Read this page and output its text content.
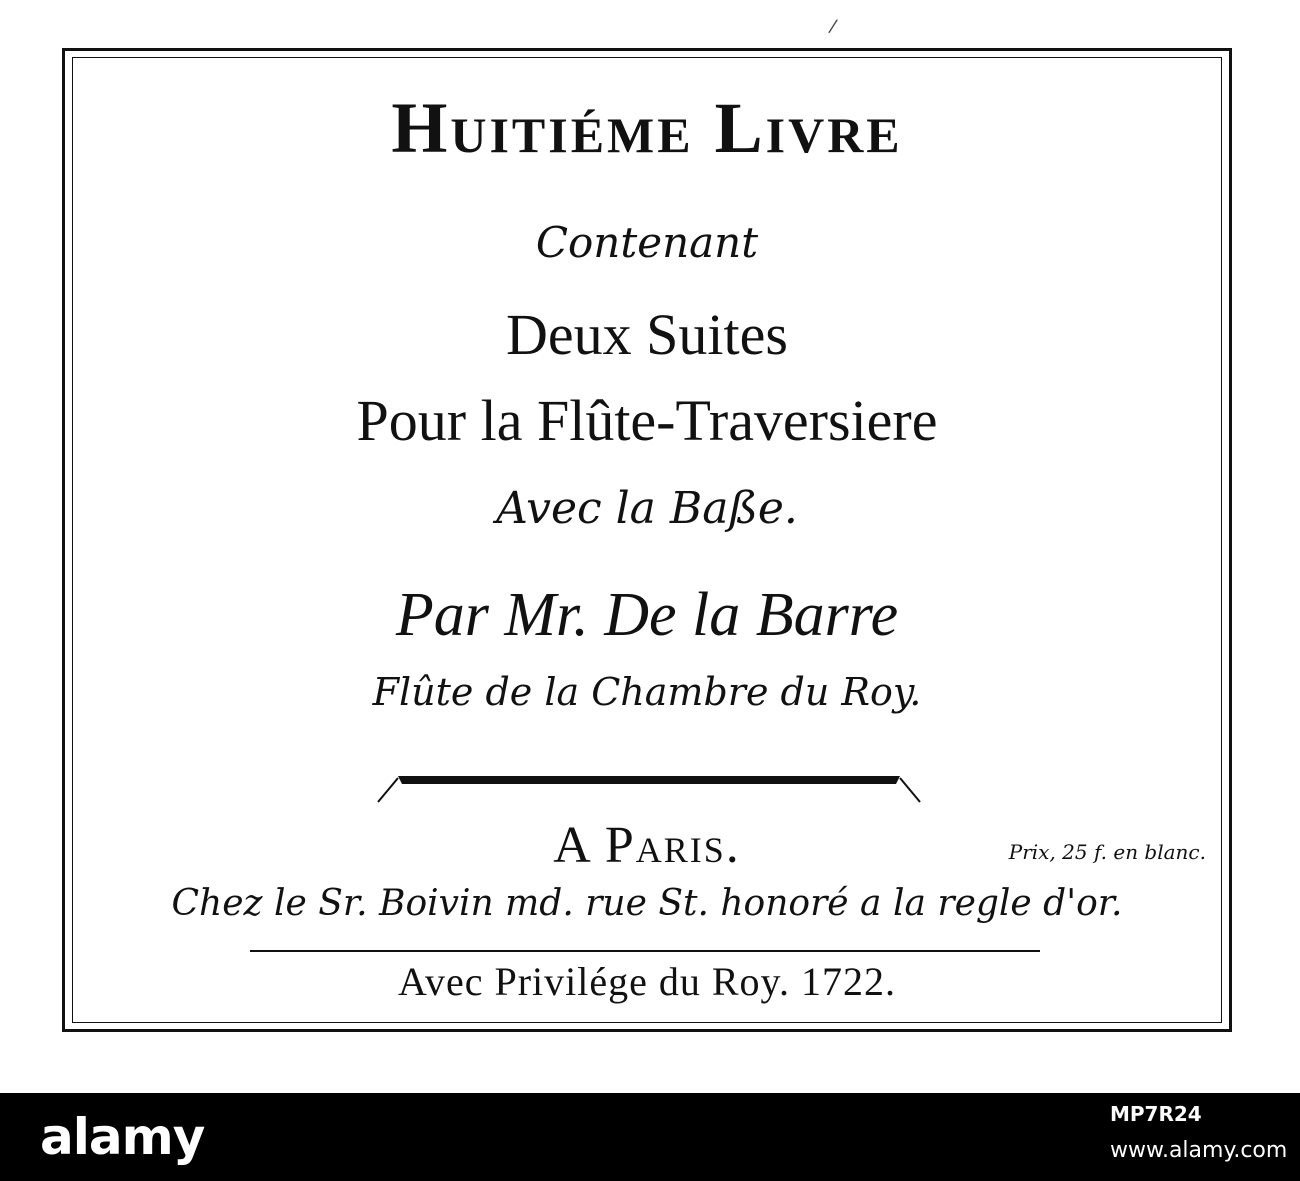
/

Huitiéme Livre

Contenant

Deux Suites

Pour la Flûte-Traversiere

Avec la Baße.

Par Mr. De la Barre

Flûte de la Chambre du Roy.

A Paris.	Prix, 25 f. en blanc.

Chez le Sr. Boivin md. rue St. honoré a la regle d'or.

Avec Privilége du Roy. 1722.

alamy	MP7R24

www.alamy.com
